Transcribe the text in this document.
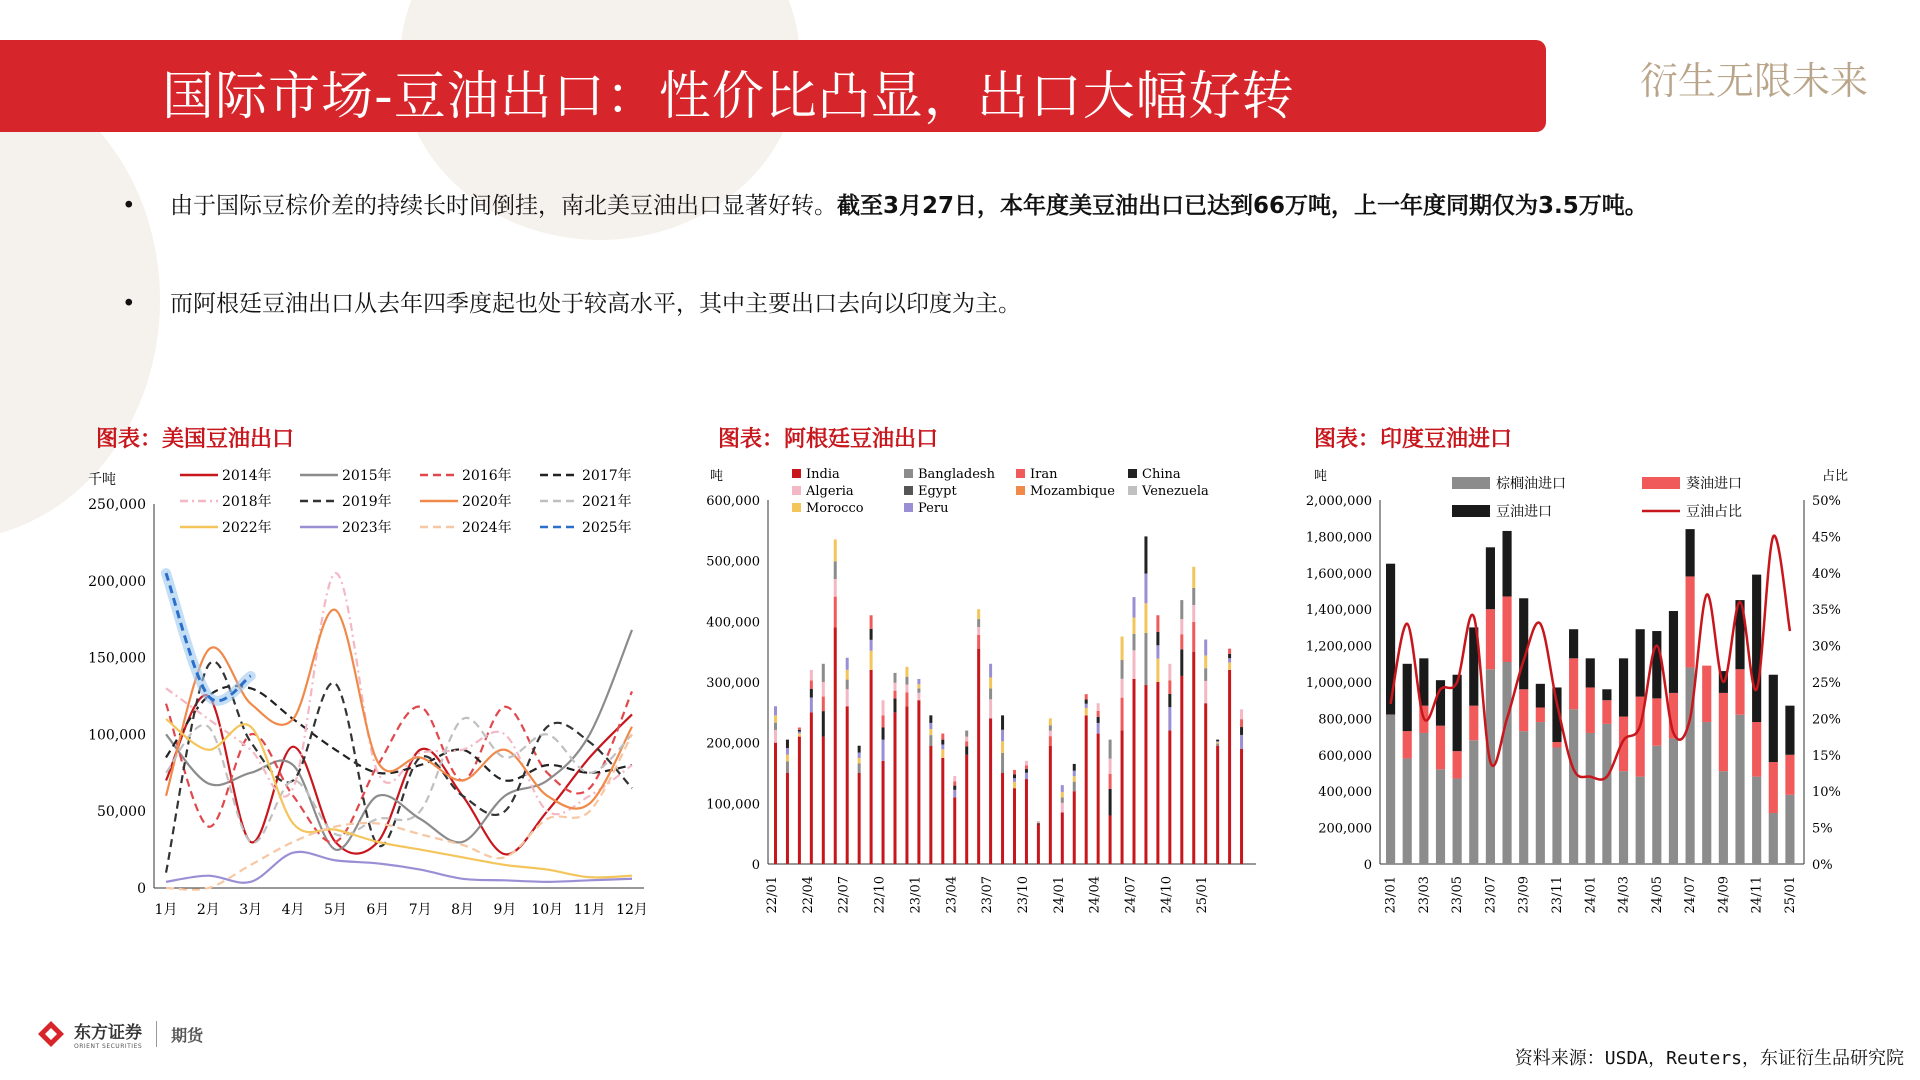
国际市场-豆油出口：性价比凸显，出口大幅好转	衍生无限未来
• 由于国际豆棕价差的持续长时间倒挂，南北美豆油出口显著好转。截至3月27日，本年度美豆油出口已达到66万吨，上一年度同期仅为3.5万吨。
• 而阿根廷豆油出口从去年四季度起也处于较高水平，其中主要出口去向以印度为主。
图表：美国豆油出口	图表：阿根廷豆油出口	图表：印度豆油进口
千吨
0
50,000
100,000
150,000
200,000
250,000
1月 2月 3月 4月 5月 6月 7月 8月 9月 10月 11月 12月
2014年	2015年	2016年	2017年
2018年	2019年	2020年	2021年
2022年	2023年	2024年	2025年
吨
0
100,000
200,000
300,000
400,000
500,000
600,000
India	Bangladesh	Iran	China
Algeria	Egypt	Mozambique Venezuela
Morocco	Peru
22/01 22/04 22/07 22/10 23/01 23/04 23/07 23/10 24/01 24/04 24/07 24/10 25/01
吨	占比
0
200,000
400,000
600,000
800,000
1,000,000
1,200,000
1,400,000
1,600,000
1,800,000
2,000,000
0%
5%
10%
15%
20%
25%
30%
35%
40%
45%
50%
棕榈油进口	葵油进口
豆油进口	豆油占比
23/01 23/03 23/05 23/07 23/09 23/11 24/01 24/03 24/05 24/07 24/09 24/11 25/01
东方证券
ORIENT SECURITIES
期货
资料来源：USDA，Reuters，东证衍生品研究院
